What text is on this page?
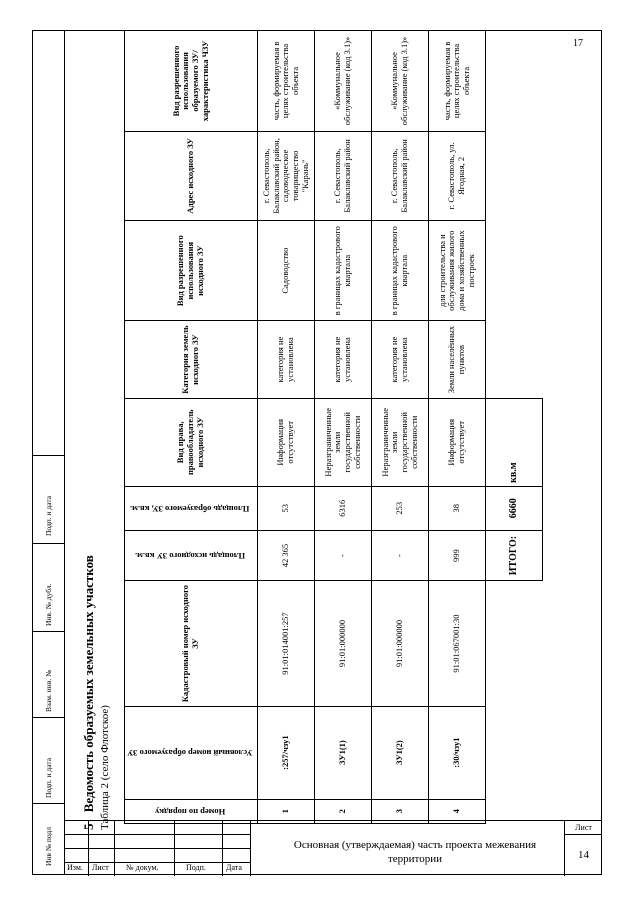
17
5 Ведомость образуемых земельных участков Таблица 2 (село Флотское)	Номер по порядку	Условный номер образуемого ЗУ	Кадастровый номер исходного ЗУ	Площадь исходного ЗУ кв.м.	Площадь образуемого ЗУ, кв.м.	Вид права, правообладатель исходного ЗУ	Категория земель исходного ЗУ	Вид разрешенного использования исходного ЗУ	Адрес исходного ЗУ	Вид разрешенного использования образуемого ЗУ/характеристика ЧЗУ
1	:257/чзу1	91:01:014001:257	42 365	53	Информация отсутствует	категория не установлена	Садоводство	г. Севастополь, Балаклавский район, садоводческое товарищество "Карань"	часть, формируемая в целях строительства объекта
2	ЗУ1(1)	91:01:000000	-	6316	Неразграниченные земли государственной собственности	категория не установлена	в границах кадастрового квартала	г. Севастополь, Балаклавский район	«Коммунальное обслуживание (код 3.1)»
3	ЗУ1(2)	91:01:000000	-	253	Неразграниченные земли государственной собственности	категория не установлена	в границах кадастрового квартала	г. Севастополь, Балаклавский район	«Коммунальное обслуживание (код 3.1)»
4	:30/чзу1	91:01:067001:30	999	38	Информация отсутствует	Земли населённых пунктов	для строительства и обслуживания жилого дома и хозяйственных построек	г. Севастополь, ул. Ягодная, 2	часть, формируемая в целях строительства объекта
			ИТОГО:	6660	кв.м				
Подп. и дата
Инв. № дубл.
Взам. инв. №
Подп. и дата
Инв № подл
Изм. Лист № докум.	Подп.	Дата
Основная (утверждаемая) часть проекта межевания территории
Лист
14
